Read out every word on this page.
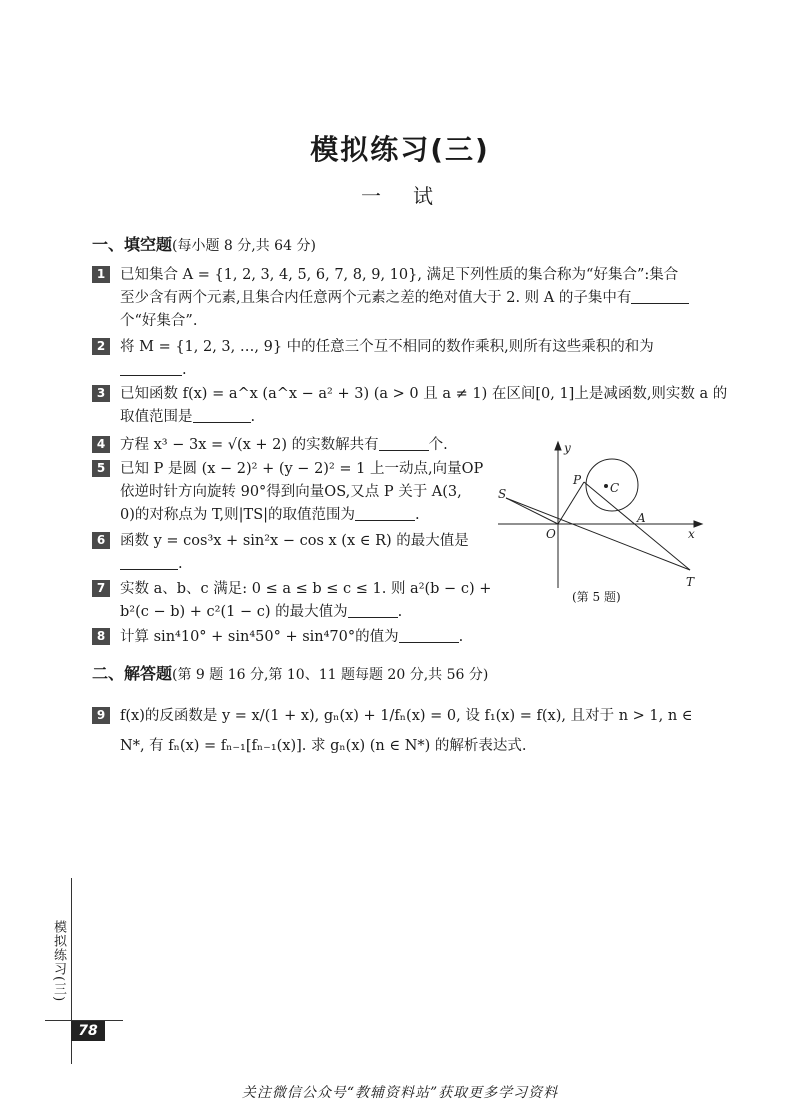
模拟练习(三)
一　试
一、填空题(每小题 8 分,共 64 分)
1 已知集合 A = {1, 2, 3, 4, 5, 6, 7, 8, 9, 10}, 满足下列性质的集合称为“好集合”:集合
至少含有两个元素,且集合内任意两个元素之差的绝对值大于 2. 则 A 的子集中有
个“好集合”.
2 将 M = {1, 2, 3, …, 9} 中的任意三个互不相同的数作乘积,则所有这些乘积的和为
.
3 已知函数 f(x) = a^x (a^x − a² + 3) (a > 0 且 a ≠ 1) 在区间[0, 1]上是减函数,则实数 a 的
取值范围是	.
4 方程 x³ − 3x = √(x + 2) 的实数解共有	个.
5 已知 P 是圆 (x − 2)² + (y − 2)² = 1 上一动点,向量OP
依逆时针方向旋转 90°得到向量OS,又点 P 关于 A(3,
0)的对称点为 T,则|TS|的取值范围为	.
6 函数 y = cos³x + sin²x − cos x (x ∈ R) 的最大值是
.
7 实数 a、b、c 满足: 0 ≤ a ≤ b ≤ c ≤ 1. 则 a²(b − c) +
b²(c − b) + c²(1 − c) 的最大值为	.
8 计算 sin⁴10° + sin⁴50° + sin⁴70°的值为	.
y
x
O
P
C
S
A
T
(第 5 题)
二、解答题(第 9 题 16 分,第 10、11 题每题 20 分,共 56 分)
9 f(x)的反函数是 y = x/(1 + x), gₙ(x) + 1/fₙ(x) = 0, 设 f₁(x) = f(x), 且对于 n > 1, n ∈
N*, 有 fₙ(x) = fₙ₋₁[fₙ₋₁(x)]. 求 gₙ(x) (n ∈ N*) 的解析表达式.
模拟练习(三)
78
关注微信公众号“教辅资料站”获取更多学习资料
